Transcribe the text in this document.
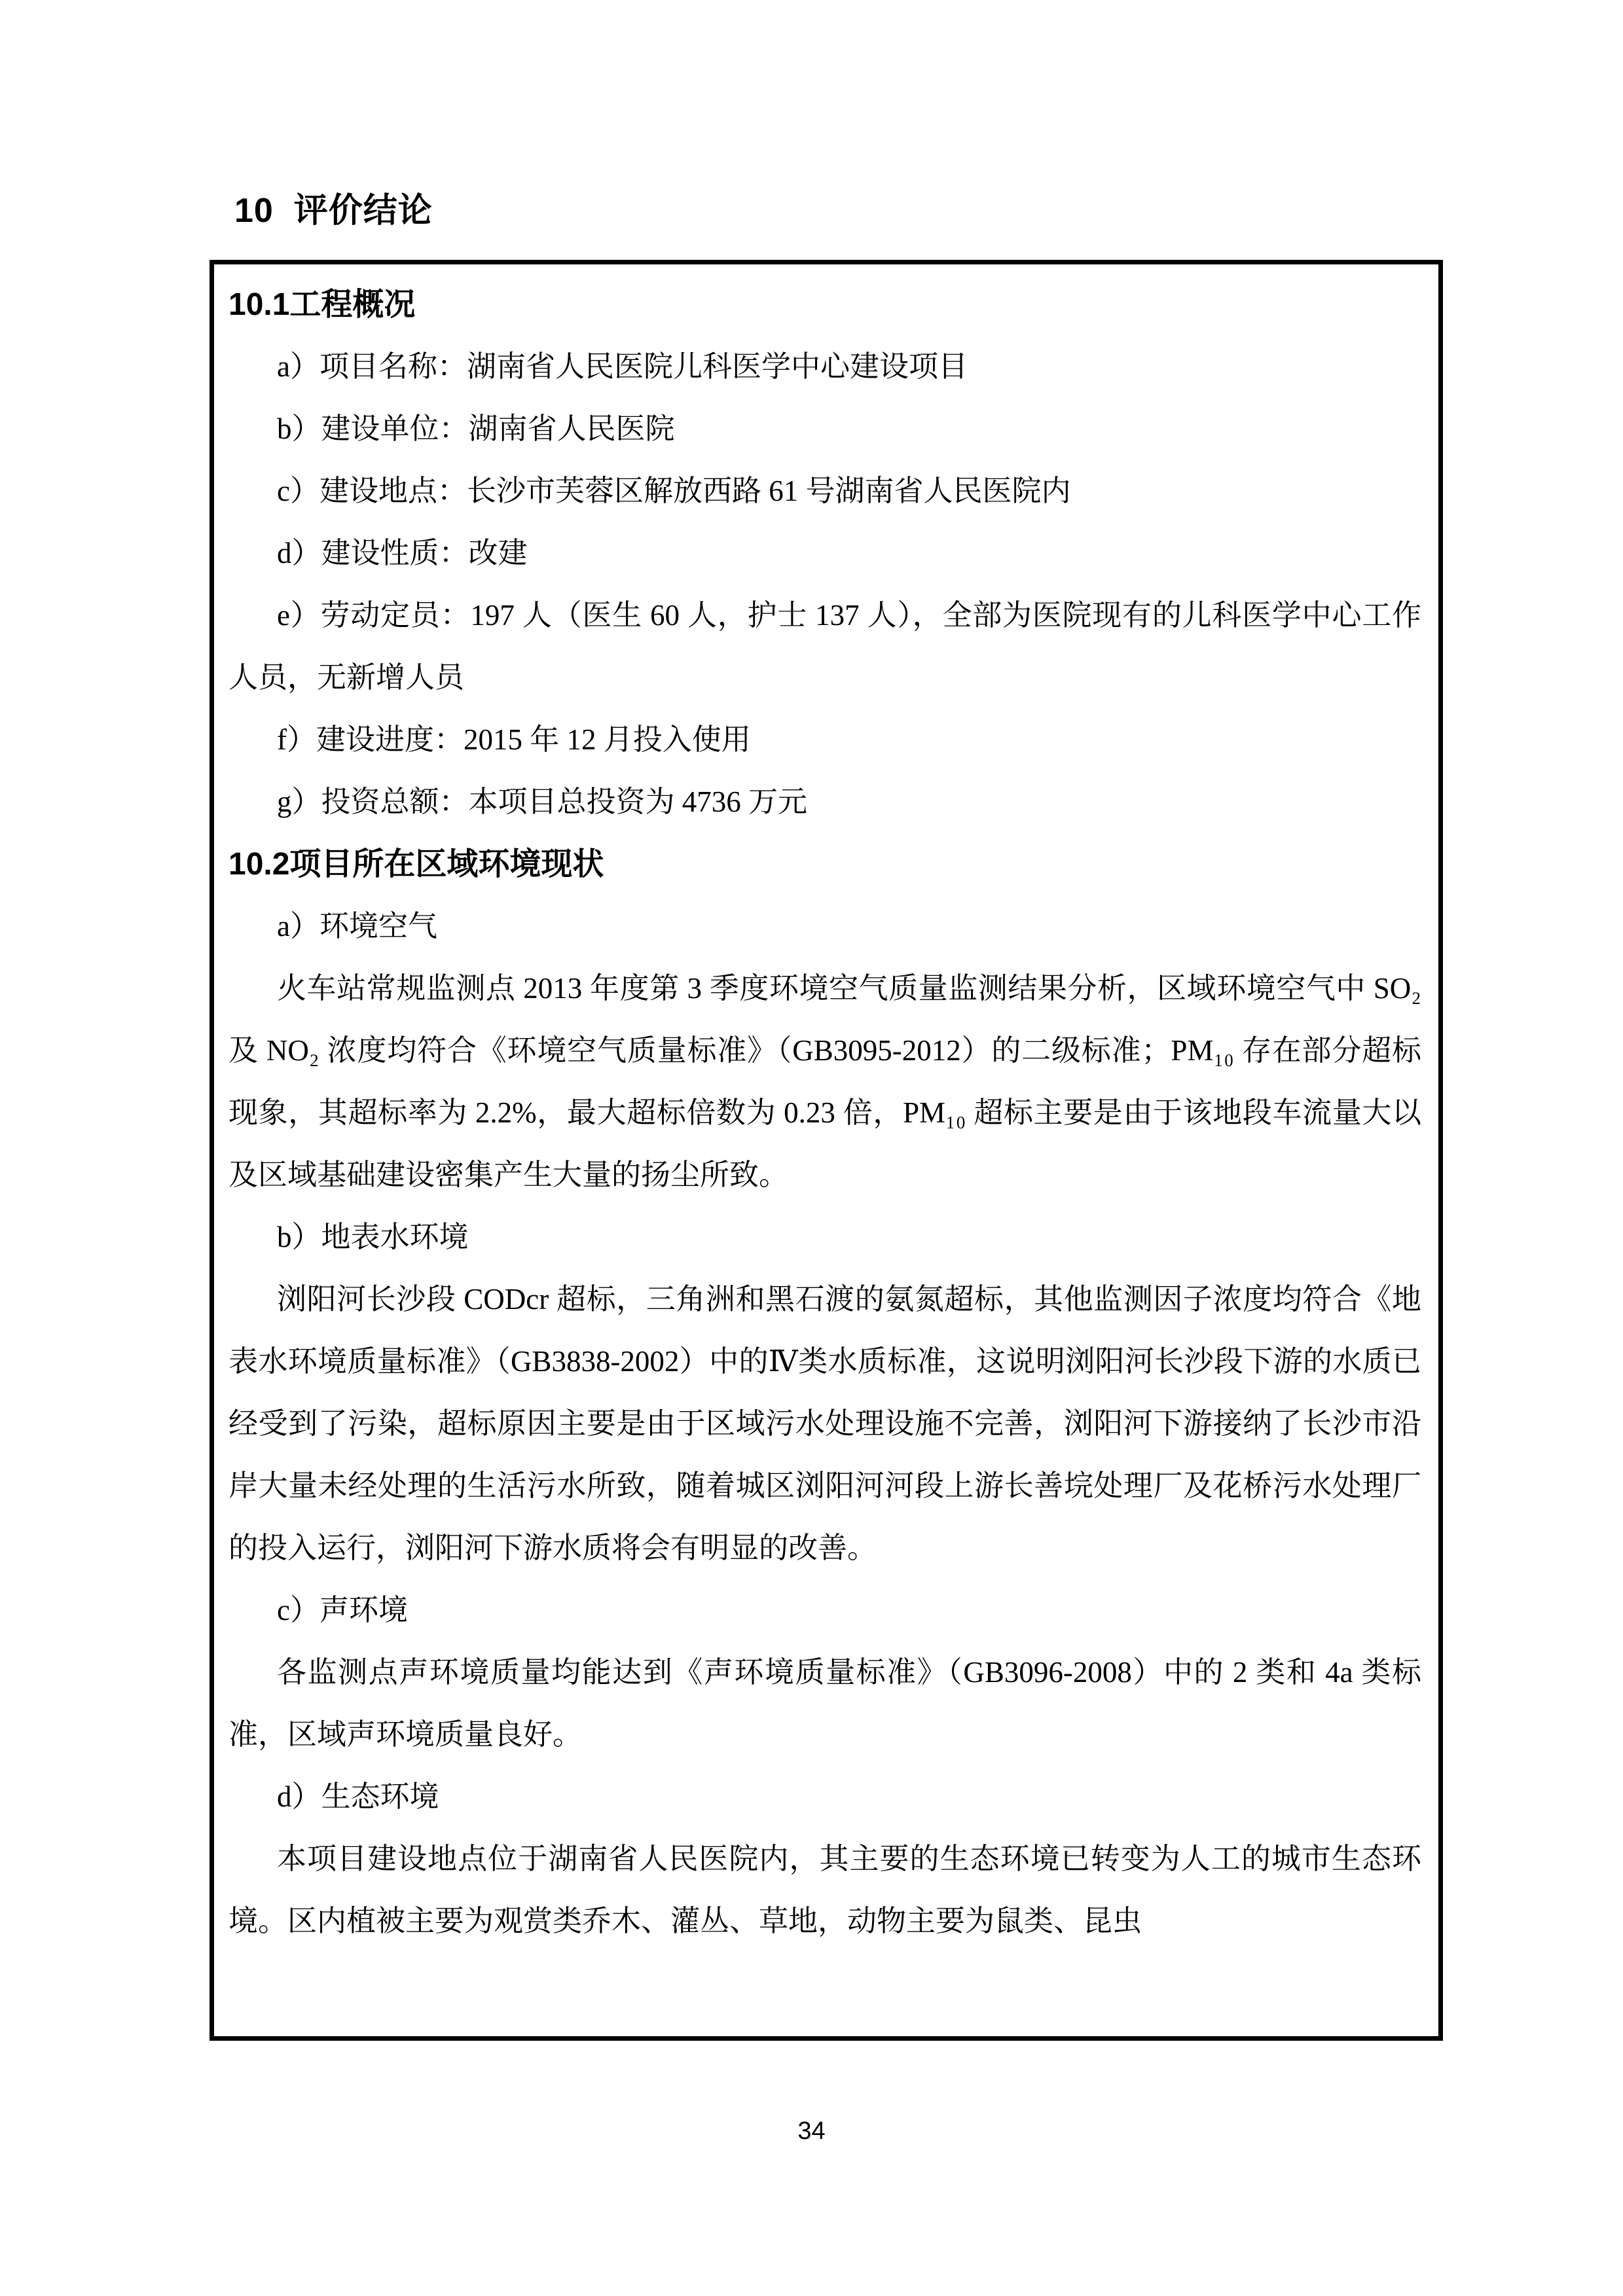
10  评价结论

10.1工程概况

a）项目名称：湖南省人民医院儿科医学中心建设项目

b）建设单位：湖南省人民医院

c）建设地点：长沙市芙蓉区解放西路 61 号湖南省人民医院内

d）建设性质：改建

e）劳动定员：197 人（医生 60 人，护士 137 人），全部为医院现有的儿科医学中心工作人员，无新增人员

f）建设进度：2015 年 12 月投入使用

g）投资总额：本项目总投资为 4736 万元

10.2项目所在区域环境现状

a）环境空气

火车站常规监测点 2013 年度第 3 季度环境空气质量监测结果分析，区域环境空气中 SO₂ 及 NO₂ 浓度均符合《环境空气质量标准》（GB3095-2012）的二级标准；PM₁₀ 存在部分超标现象，其超标率为 2.2%，最大超标倍数为 0.23 倍，PM₁₀ 超标主要是由于该地段车流量大以及区域基础建设密集产生大量的扬尘所致。

b）地表水环境

浏阳河长沙段 CODcr 超标，三角洲和黑石渡的氨氮超标，其他监测因子浓度均符合《地表水环境质量标准》（GB3838-2002）中的Ⅳ类水质标准，这说明浏阳河长沙段下游的水质已经受到了污染，超标原因主要是由于区域污水处理设施不完善，浏阳河下游接纳了长沙市沿岸大量未经处理的生活污水所致，随着城区浏阳河河段上游长善垸处理厂及花桥污水处理厂的投入运行，浏阳河下游水质将会有明显的改善。

c）声环境

各监测点声环境质量均能达到《声环境质量标准》（GB3096-2008）中的 2 类和 4a 类标准，区域声环境质量良好。

d）生态环境

本项目建设地点位于湖南省人民医院内，其主要的生态环境已转变为人工的城市生态环境。区内植被主要为观赏类乔木、灌丛、草地，动物主要为鼠类、昆虫

34
